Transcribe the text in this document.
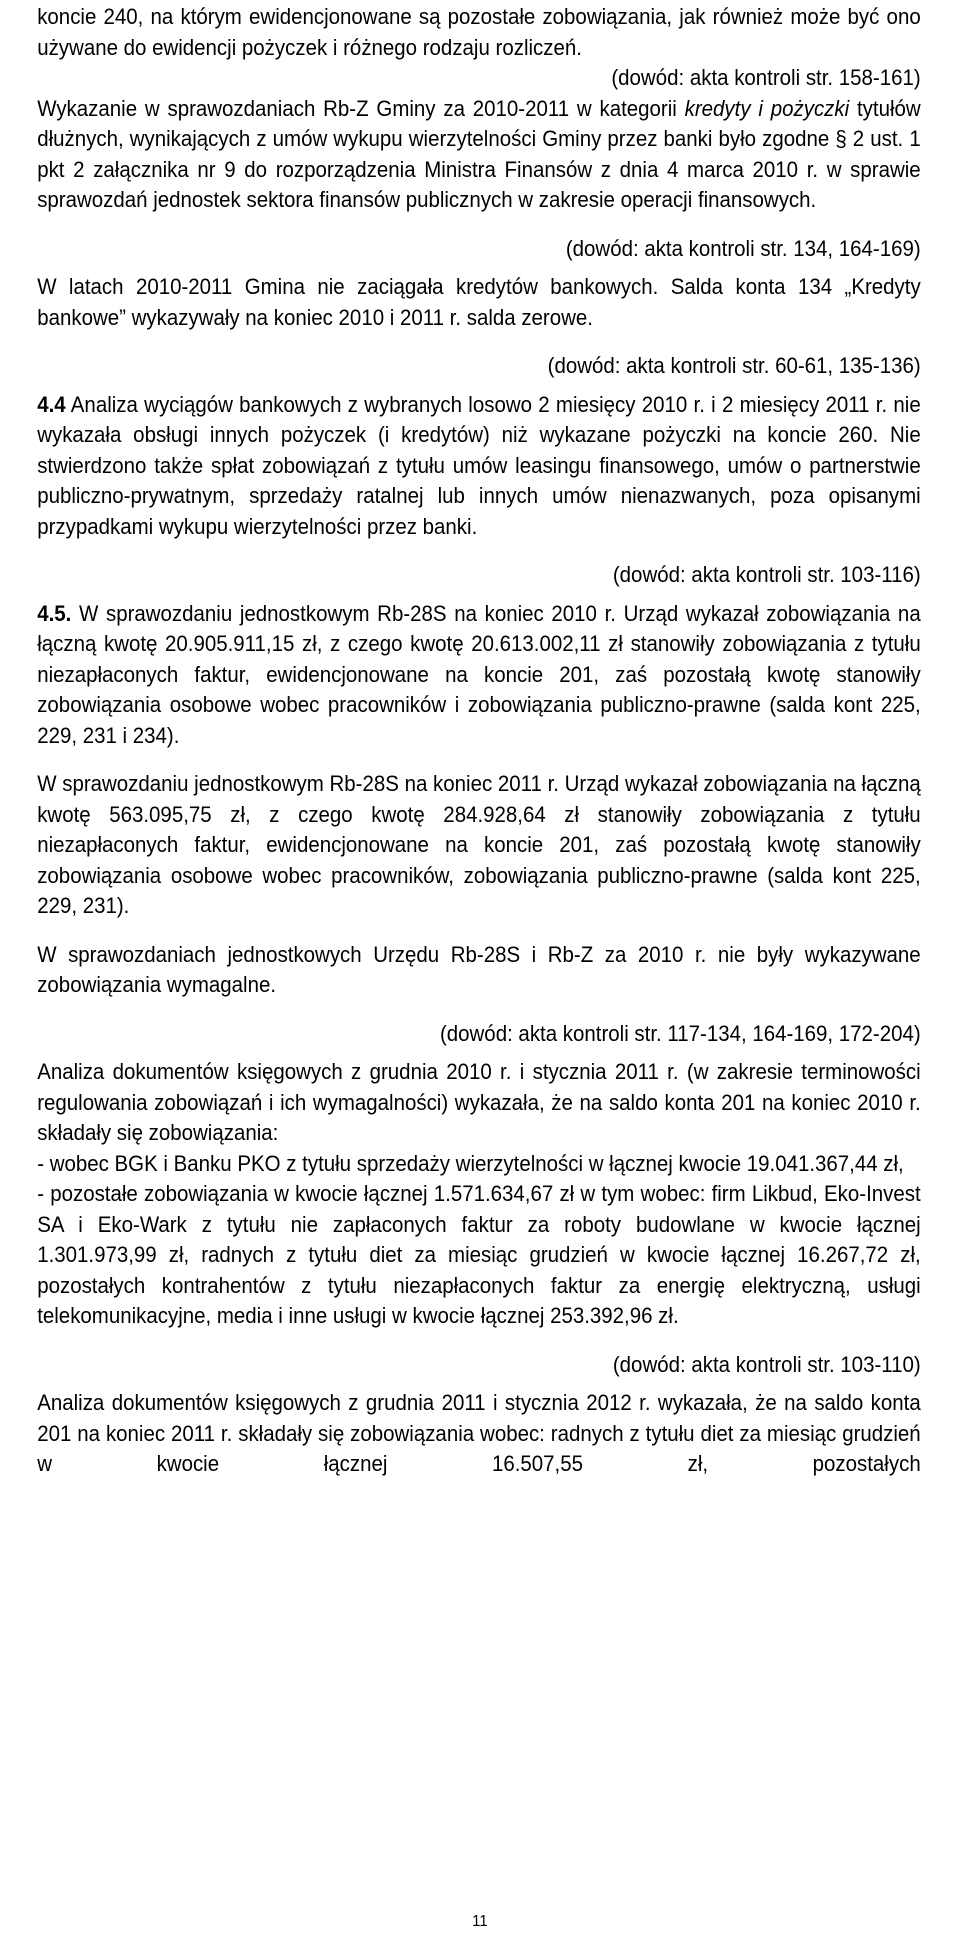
koncie 240, na którym ewidencjonowane są pozostałe zobowiązania, jak również może być ono używane do ewidencji pożyczek i różnego rodzaju rozliczeń.

(dowód: akta kontroli str. 158-161)

Wykazanie w sprawozdaniach Rb-Z Gminy za 2010-2011 w kategorii kredyty i pożyczki tytułów dłużnych, wynikających z umów wykupu wierzytelności Gminy przez banki było zgodne § 2 ust. 1 pkt 2 załącznika nr 9 do rozporządzenia Ministra Finansów z dnia 4 marca 2010 r. w sprawie sprawozdań jednostek sektora finansów publicznych w zakresie operacji finansowych.

(dowód: akta kontroli str. 134, 164-169)

W latach 2010-2011 Gmina nie zaciągała kredytów bankowych. Salda konta 134 „Kredyty bankowe” wykazywały na koniec 2010 i 2011 r. salda zerowe.

(dowód: akta kontroli str. 60-61, 135-136)

4.4 Analiza wyciągów bankowych z wybranych losowo 2 miesięcy 2010 r. i 2 miesięcy 2011 r. nie wykazała obsługi innych pożyczek (i kredytów) niż wykazane pożyczki na koncie 260. Nie stwierdzono także spłat zobowiązań z tytułu umów leasingu finansowego, umów o partnerstwie publiczno-prywatnym, sprzedaży ratalnej lub innych umów nienazwanych, poza opisanymi przypadkami wykupu wierzytelności przez banki.

(dowód: akta kontroli str. 103-116)

4.5. W sprawozdaniu jednostkowym Rb-28S na koniec 2010 r. Urząd wykazał zobowiązania na łączną kwotę 20.905.911,15 zł, z czego kwotę 20.613.002,11 zł stanowiły zobowiązania z tytułu niezapłaconych faktur, ewidencjonowane na koncie 201, zaś pozostałą kwotę stanowiły zobowiązania osobowe wobec pracowników i zobowiązania publiczno-prawne (salda kont 225, 229, 231 i 234).

W sprawozdaniu jednostkowym Rb-28S na koniec 2011 r. Urząd wykazał zobowiązania na łączną kwotę 563.095,75 zł, z czego kwotę 284.928,64 zł stanowiły zobowiązania z tytułu niezapłaconych faktur, ewidencjonowane na koncie 201, zaś pozostałą kwotę stanowiły zobowiązania osobowe wobec pracowników, zobowiązania publiczno-prawne (salda kont 225, 229, 231).

W sprawozdaniach jednostkowych Urzędu Rb-28S i Rb-Z za 2010 r. nie były wykazywane zobowiązania wymagalne.

(dowód: akta kontroli str. 117-134, 164-169, 172-204)

Analiza dokumentów księgowych z grudnia 2010 r. i stycznia 2011 r. (w zakresie terminowości regulowania zobowiązań i ich wymagalności) wykazała, że na saldo konta 201 na koniec 2010 r. składały się zobowiązania:

- wobec BGK i Banku PKO z tytułu sprzedaży wierzytelności w łącznej kwocie 19.041.367,44 zł,

- pozostałe zobowiązania w kwocie łącznej 1.571.634,67 zł w tym wobec: firm Likbud, Eko-Invest SA i Eko-Wark z tytułu nie zapłaconych faktur za roboty budowlane w kwocie łącznej 1.301.973,99 zł, radnych z tytułu diet za miesiąc grudzień w kwocie łącznej 16.267,72 zł, pozostałych kontrahentów z tytułu niezapłaconych faktur za energię elektryczną, usługi telekomunikacyjne, media i inne usługi w kwocie łącznej 253.392,96 zł.

(dowód: akta kontroli str. 103-110)

Analiza dokumentów księgowych z grudnia 2011 i stycznia 2012 r. wykazała, że na saldo konta 201 na koniec 2011 r. składały się zobowiązania wobec: radnych z tytułu diet za miesiąc grudzień w kwocie łącznej 16.507,55 zł, pozostałych

11
